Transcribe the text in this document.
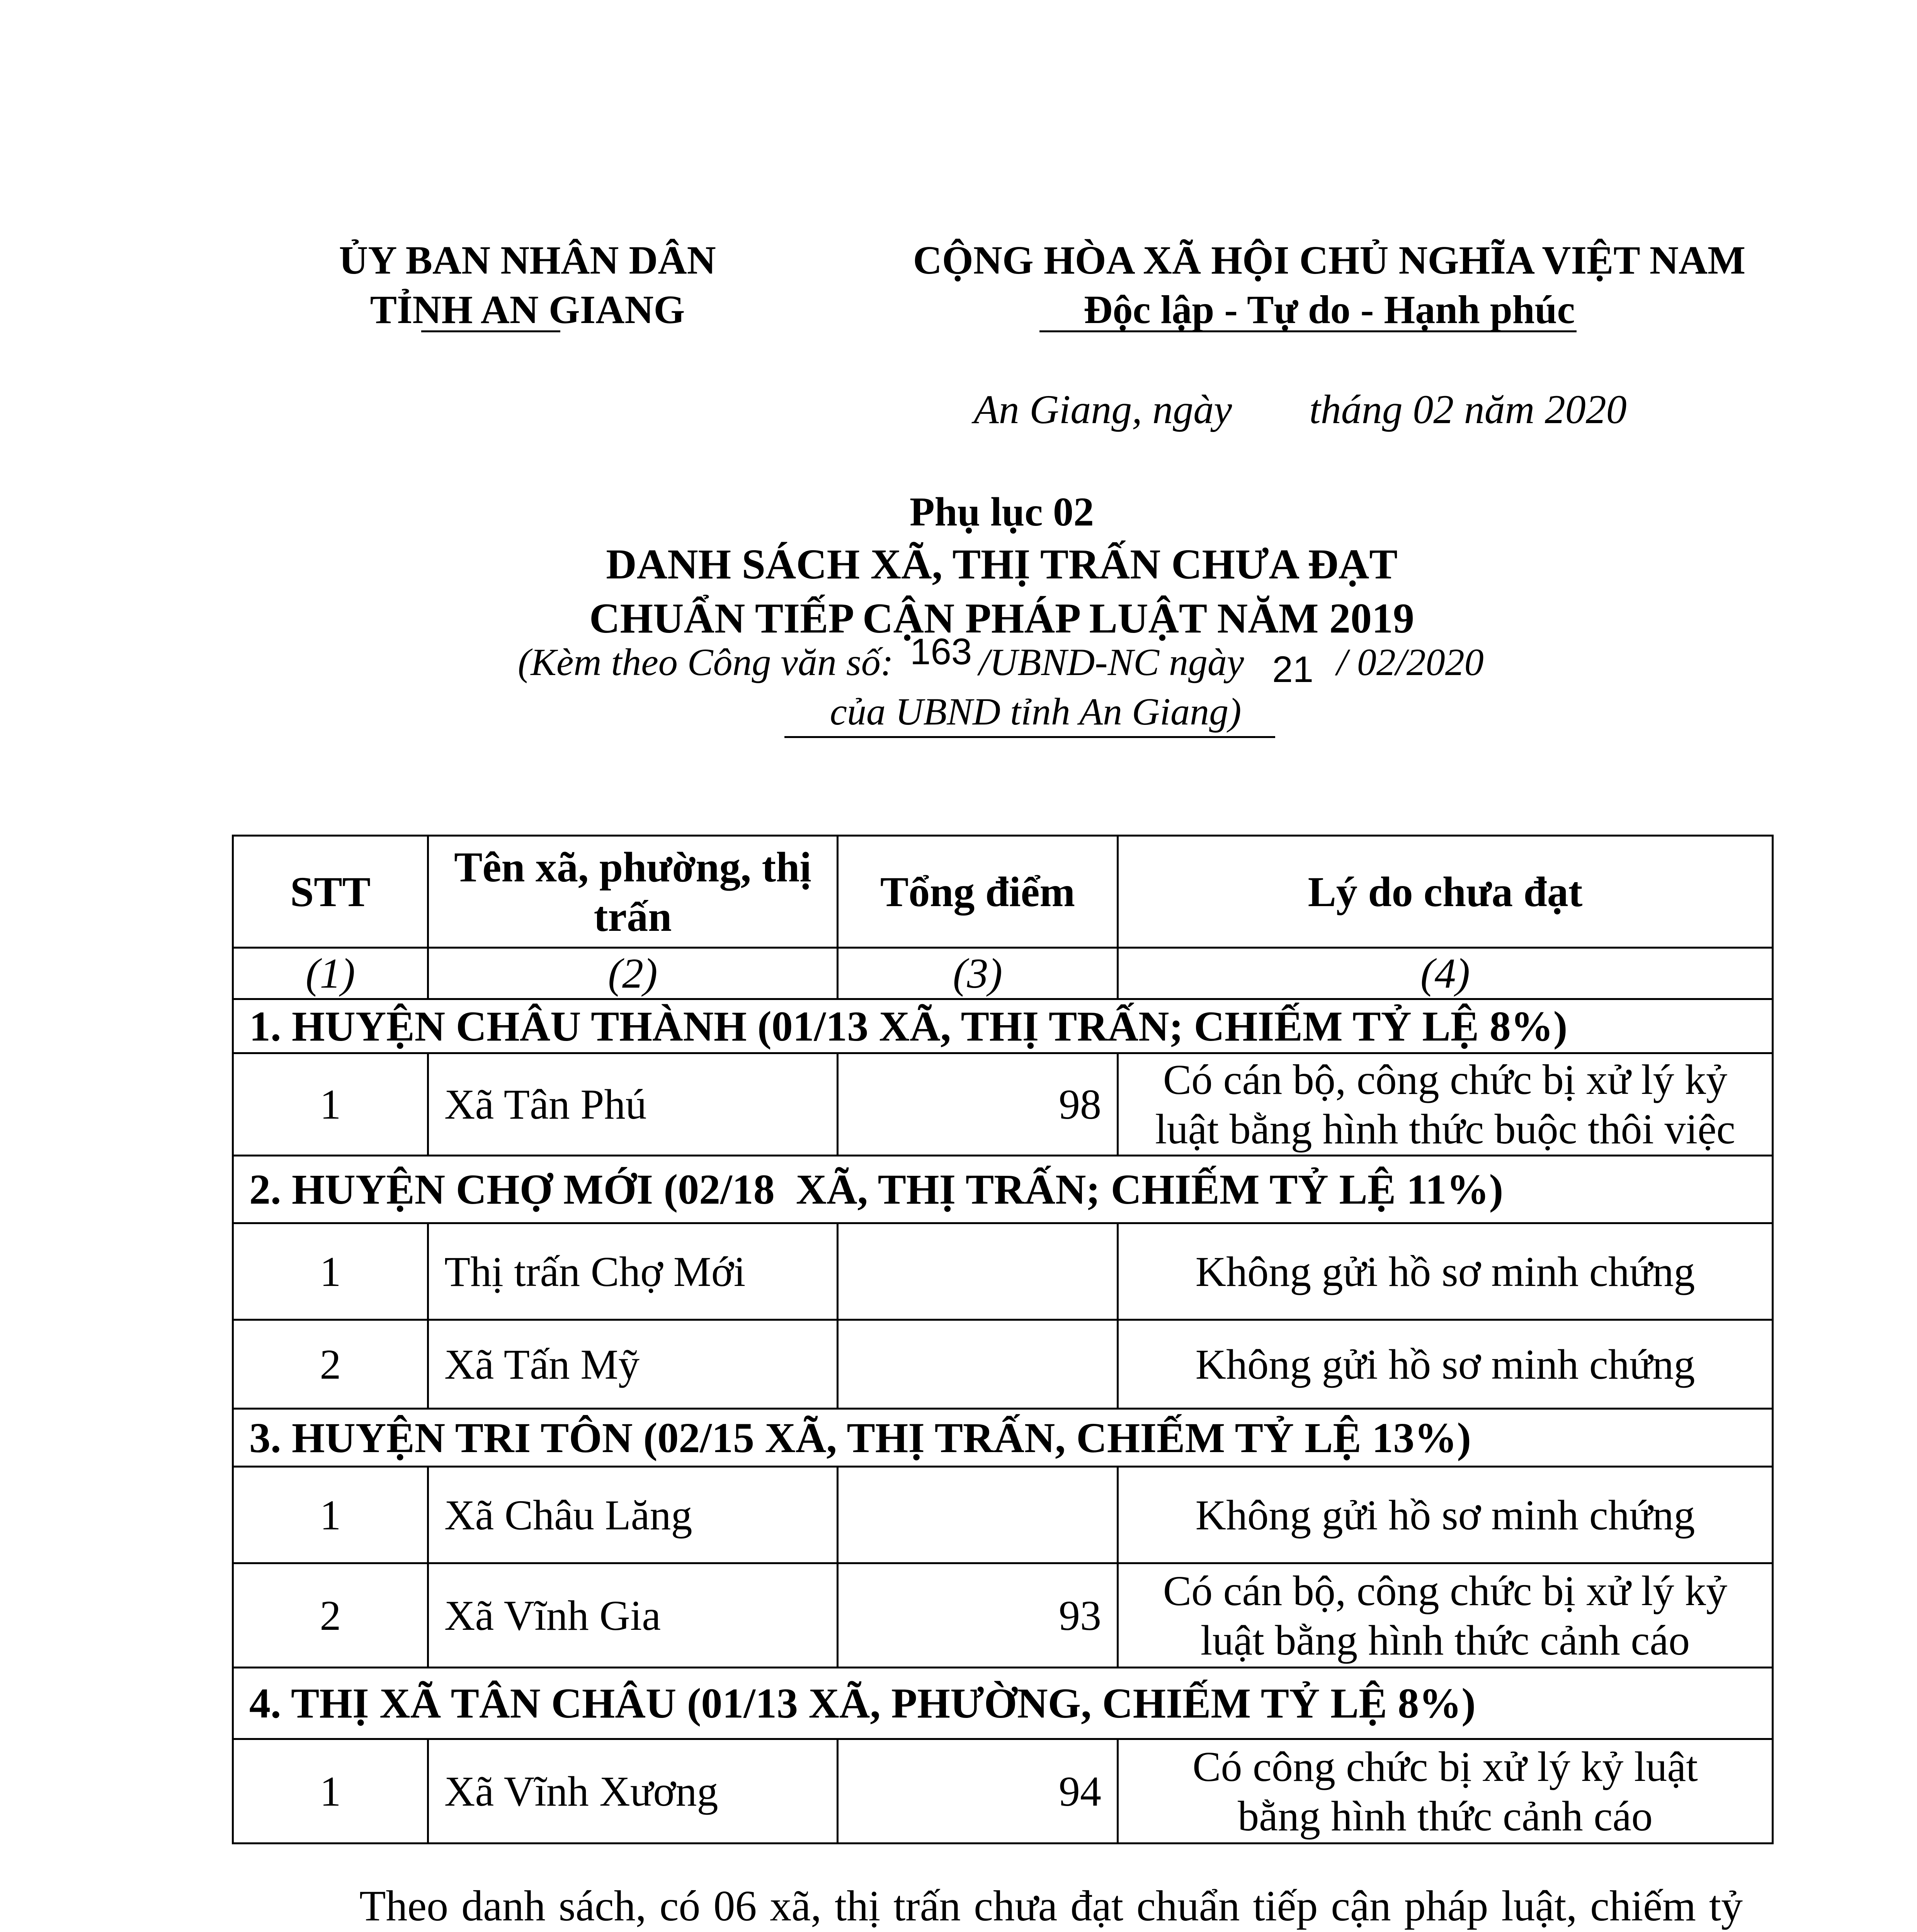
ỦY BAN NHÂN DÂN
TỈNH AN GIANG
CỘNG HÒA XÃ HỘI CHỦ NGHĨA VIỆT NAM
Độc lập - Tự do - Hạnh phúc
An Giang, ngày tháng 02 năm 2020
Phụ lục 02
DANH SÁCH XÃ, THỊ TRẤN CHƯA ĐẠT
CHUẨN TIẾP CẬN PHÁP LUẬT NĂM 2019
(Kèm theo Công văn số: 163 /UBND-NC ngày 21 / 02/2020
của UBND tỉnh An Giang)
STT	Tên xã, phường, thị trấn	Tổng điểm	Lý do chưa đạt
(1)	(2)	(3)	(4)
1. HUYỆN CHÂU THÀNH (01/13 XÃ, THỊ TRẤN; CHIẾM TỶ LỆ 8%)			
1	Xã Tân Phú	98	Có cán bộ, công chức bị xử lý kỷ luật bằng hình thức buộc thôi việc
2. HUYỆN CHỢ MỚI (02/18  XÃ, THỊ TRẤN; CHIẾM TỶ LỆ 11%)			
1	Thị trấn Chợ Mới		Không gửi hồ sơ minh chứng
2	Xã Tấn Mỹ		Không gửi hồ sơ minh chứng
3. HUYỆN TRI TÔN (02/15 XÃ, THỊ TRẤN, CHIẾM TỶ LỆ 13%)			
1	Xã Châu Lăng		Không gửi hồ sơ minh chứng
2	Xã Vĩnh Gia	93	Có cán bộ, công chức bị xử lý kỷ luật bằng hình thức cảnh cáo
4. THỊ XÃ TÂN CHÂU (01/13 XÃ, PHƯỜNG, CHIẾM TỶ LỆ 8%)			
1	Xã Vĩnh Xương	94	Có công chức bị xử lý kỷ luật bằng hình thức cảnh cáo
Theo danh sách, có 06 xã, thị trấn chưa đạt chuẩn tiếp cận pháp luật, chiếm tỷ
